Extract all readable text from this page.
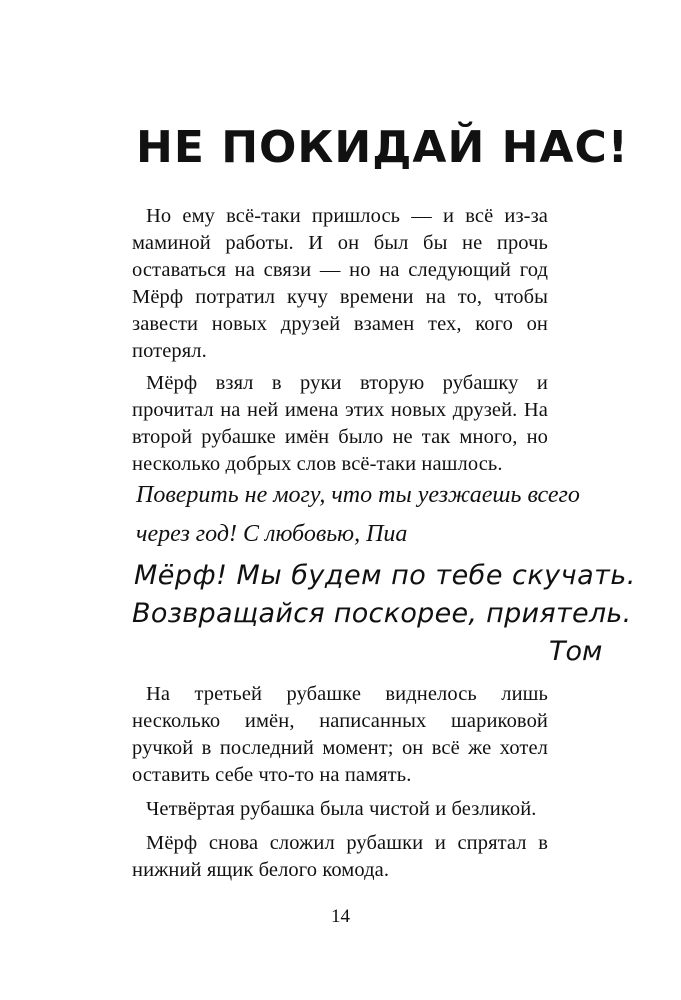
НЕ ПОКИДАЙ НАС!

Но ему всё-таки пришлось — и всё из-за маминой работы. И он был бы не прочь оставаться на связи — но на следующий год Мёрф потратил кучу времени на то, чтобы завести новых друзей взамен тех, кого он потерял.

Мёрф взял в руки вторую рубашку и прочитал на ней имена этих новых друзей. На второй рубашке имён было не так много, но несколько добрых слов всё-таки нашлось.

Поверить не могу, что ты уезжаешь всего
через год! С любовью, Пиа
Мёрф! Мы будем по тебе скучать.
Возвращайся поскорее, приятель.
Том

На третьей рубашке виднелось лишь несколько имён, написанных шариковой ручкой в последний момент; он всё же хотел оставить себе что-то на память.

Четвёртая рубашка была чистой и безликой.

Мёрф снова сложил рубашки и спрятал в нижний ящик белого комода.

14
